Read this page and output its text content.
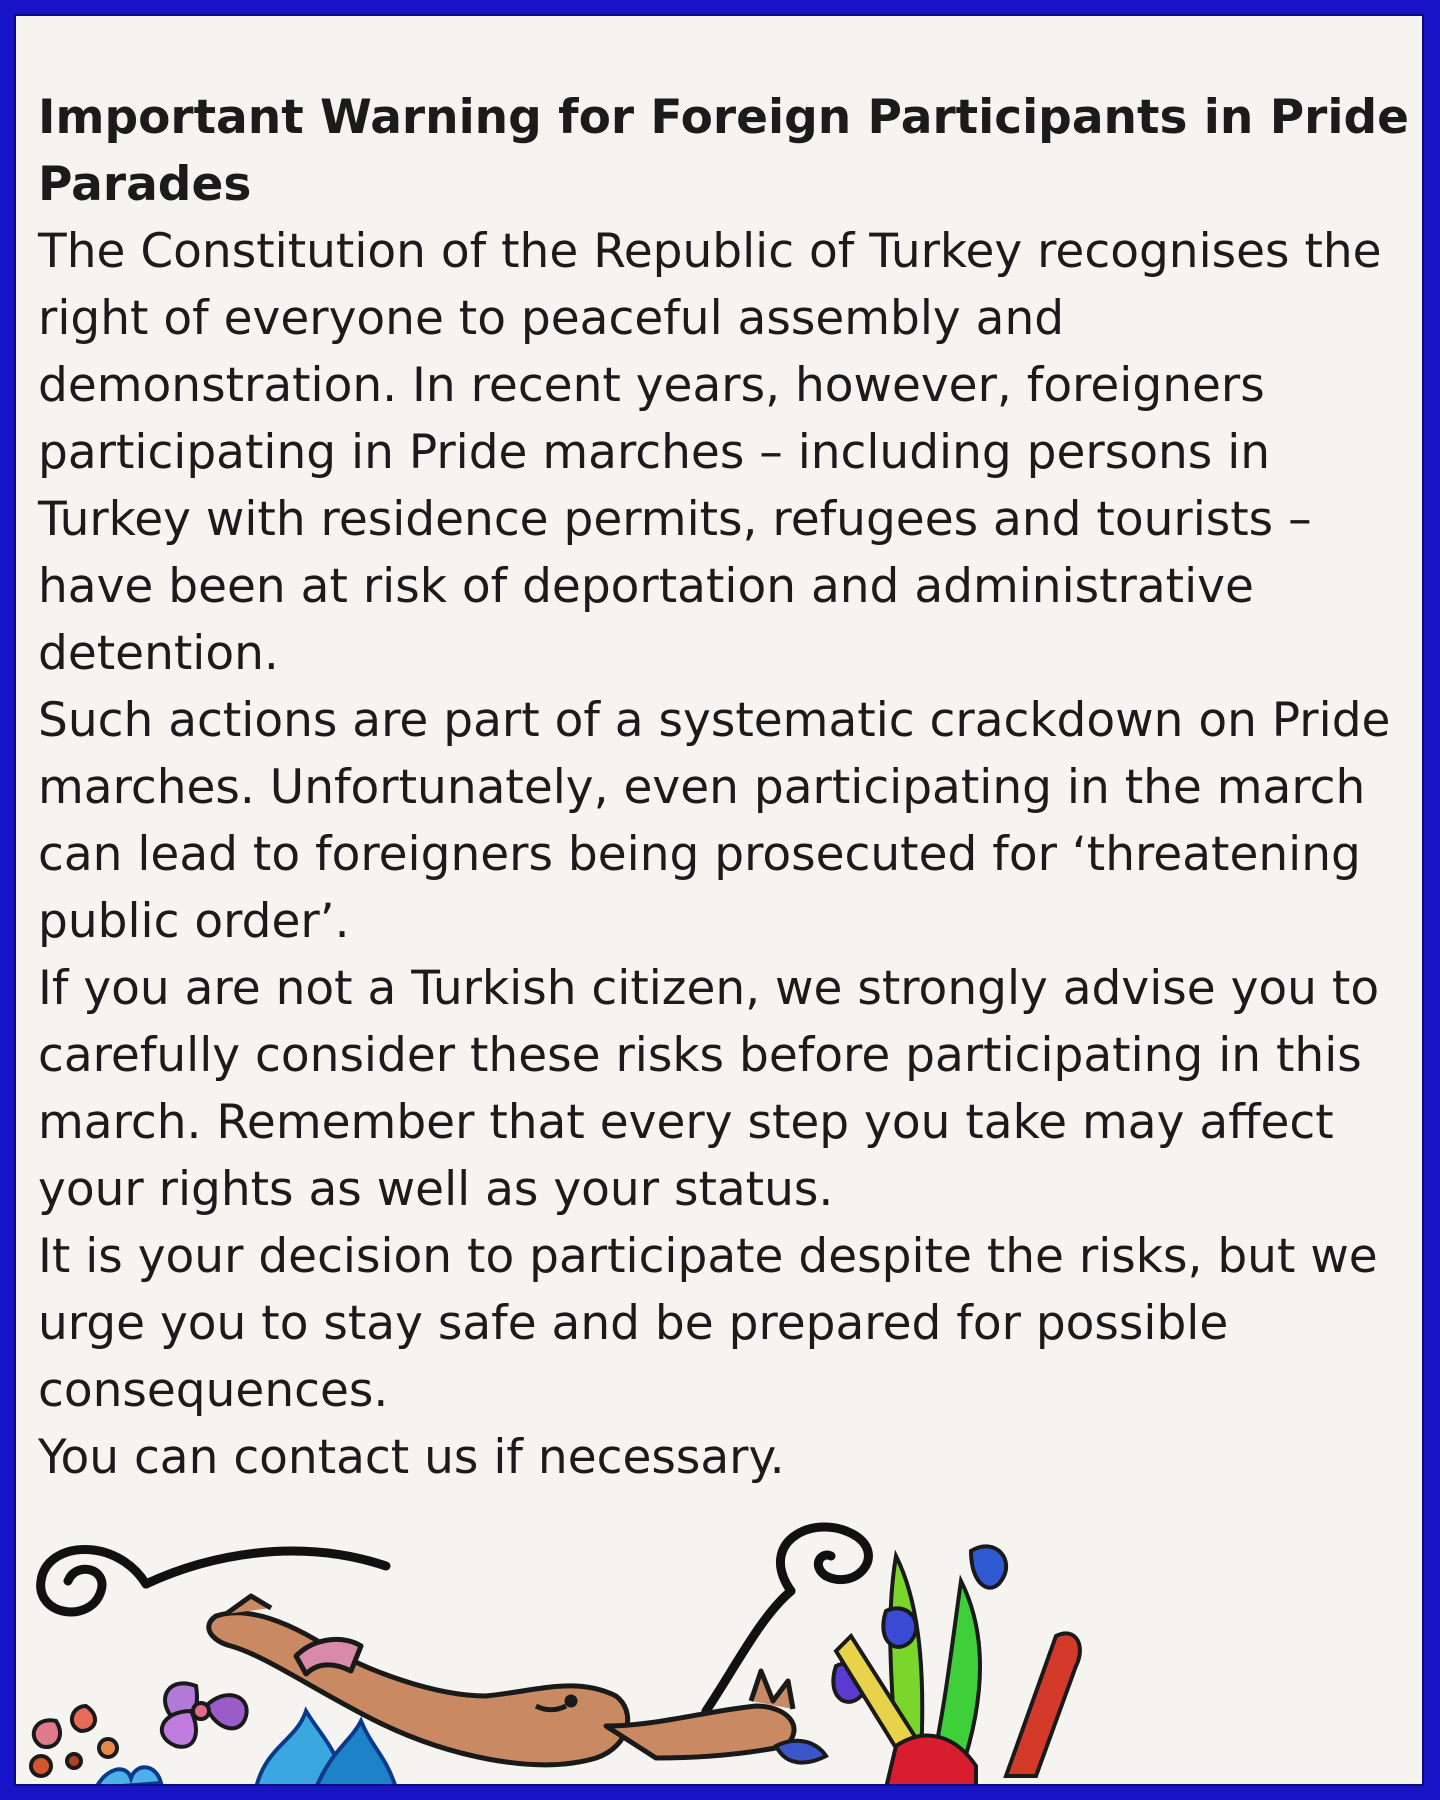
Important Warning for Foreign Participants in Pride Parades

The Constitution of the Republic of Turkey recognises the right of everyone to peaceful assembly and demonstration. In recent years, however, foreigners participating in Pride marches – including persons in Turkey with residence permits, refugees and tourists – have been at risk of deportation and administrative detention.

Such actions are part of a systematic crackdown on Pride marches. Unfortunately, even participating in the march can lead to foreigners being prosecuted for ‘threatening public order’.

If you are not a Turkish citizen, we strongly advise you to carefully consider these risks before participating in this march. Remember that every step you take may affect your rights as well as your status.

It is your decision to participate despite the risks, but we urge you to stay safe and be prepared for possible consequences.

You can contact us if necessary.
